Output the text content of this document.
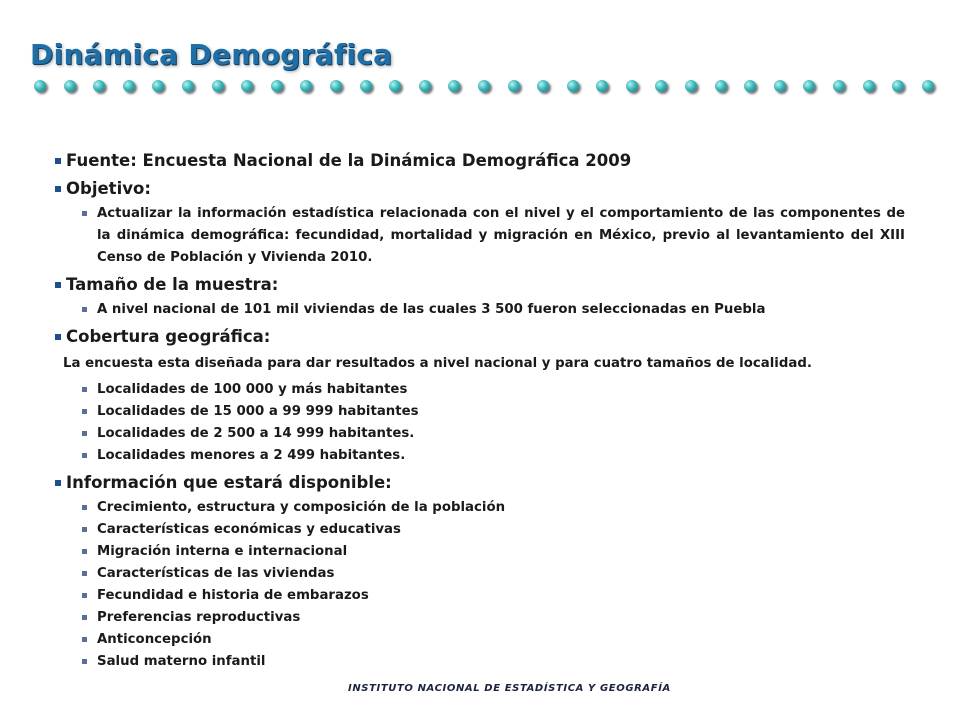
Dinámica Demográfica
Fuente: Encuesta Nacional de la Dinámica Demográfica 2009
Objetivo:
Actualizar la información estadística relacionada con el nivel y el comportamiento de las componentes de la dinámica demográfica: fecundidad, mortalidad y migración en México, previo al levantamiento del XIII Censo de Población y Vivienda 2010.
Tamaño de la muestra:
A nivel nacional de 101 mil viviendas de las cuales 3 500 fueron seleccionadas en Puebla
Cobertura geográfica:
La encuesta esta diseñada para dar resultados a nivel nacional y para cuatro tamaños de localidad.
Localidades de 100 000 y más habitantes
Localidades de 15 000 a 99 999 habitantes
Localidades de 2 500 a 14 999 habitantes.
Localidades menores a 2 499 habitantes.
Información que estará disponible:
Crecimiento, estructura y composición de la población
Características económicas y educativas
Migración interna e internacional
Características de las viviendas
Fecundidad e historia de embarazos
Preferencias reproductivas
Anticoncepción
Salud materno infantil
INSTITUTO NACIONAL DE ESTADÍSTICA Y GEOGRAFÍA
